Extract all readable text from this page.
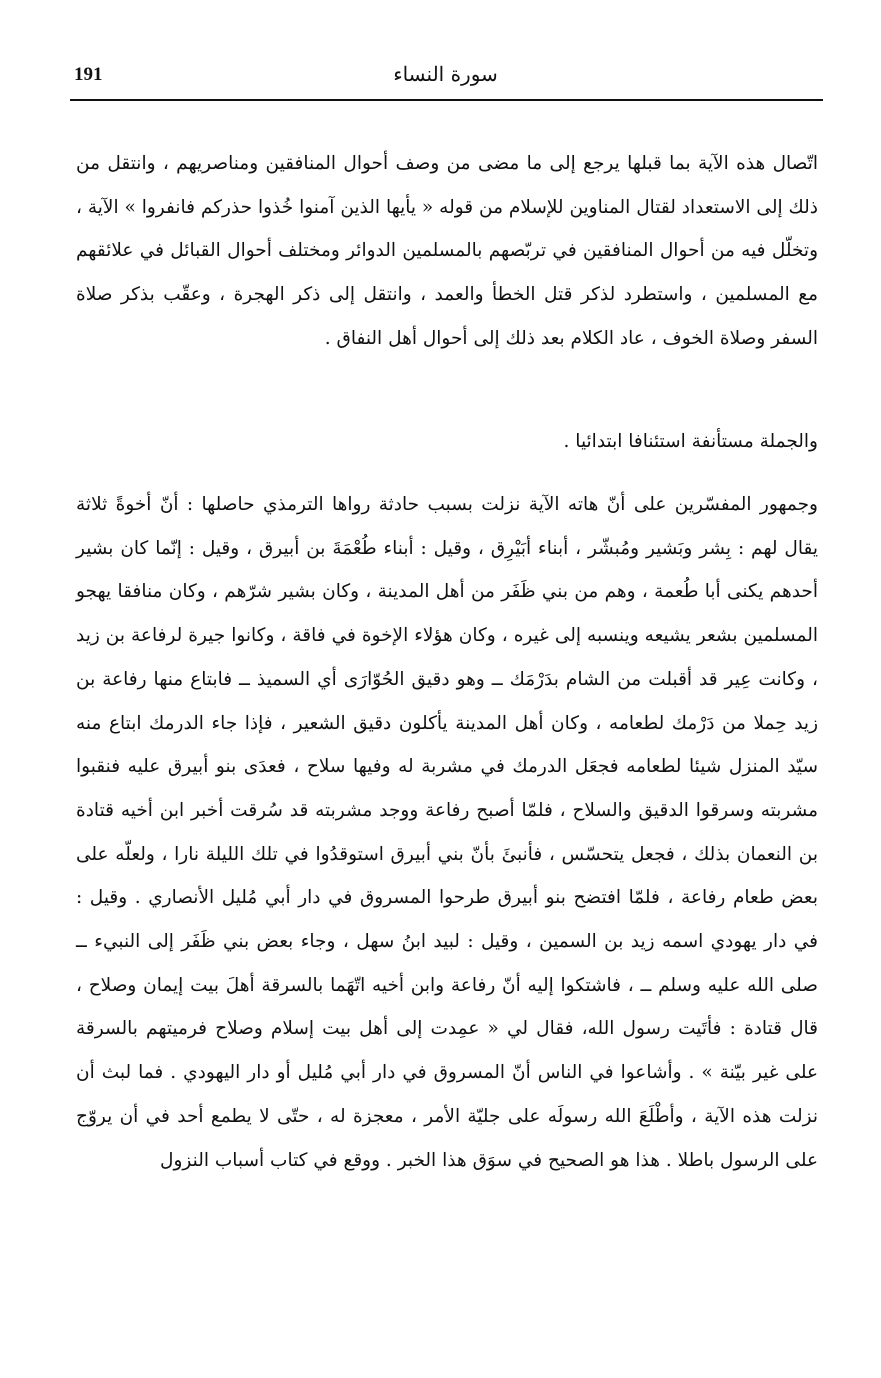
191	سورة النساء

اتّصال هذه الآية بما قبلها يرجع إلى ما مضى من وصف أحوال المنافقين ومناصريهم ، وانتقل من ذلك إلى الاستعداد لقتال المناوين للإسلام من قوله « يأيها الذين آمنوا خُذوا حذركم فانفروا » الآية ، وتخلّل فيه من أحوال المنافقين في تربّصهم بالمسلمين الدوائر ومختلف أحوال القبائل في علائقهم مع المسلمين ، واستطرد لذكر قتل الخطأ والعمد ، وانتقل إلى ذكر الهجرة ، وعقّب بذكر صلاة السفر وصلاة الخوف ، عاد الكلام بعد ذلك إلى أحوال أهل النفاق .

والجملة مستأنفة استئنافا ابتدائيا .

وجمهور المفسّرين على أنّ هاته الآية نزلت بسبب حادثة رواها الترمذي حاصلها : أنّ أخوةً ثلاثة يقال لهم : بِشر وبَشير ومُبشّر ، أبناء أبَيْرِق ، وقيل : أبناء طُعْمَةَ بن أبيرق ، وقيل : إنّما كان بشير أحدهم يكنى أبا طُعمة ، وهم من بني ظَفَر من أهل المدينة ، وكان بشير شرّهم ، وكان منافقا يهجو المسلمين بشعر يشيعه وينسبه إلى غيره ، وكان هؤلاء الإخوة في فاقة ، وكانوا جيرة لرفاعة بن زيد ، وكانت عِير قد أقبلت من الشام بدَرْمَك ــ وهو دقيق الحُوّارَى أي السميذ ــ فابتاع منها رفاعة بن زيد حِملا من دَرْمك لطعامه ، وكان أهل المدينة يأكلون دقيق الشعير ، فإذا جاء الدرمك ابتاع منه سيّد المنزل شيئا لطعامه فجعَل الدرمك في مشربة له وفيها سلاح ، فعدَى بنو أبيرق عليه فنقبوا مشربته وسرقوا الدقيق والسلاح ، فلمّا أصبح رفاعة ووجد مشربته قد سُرقت أخبر ابن أخيه قتادة بن النعمان بذلك ، فجعل يتحسّس ، فأنبئَ بأنّ بني أبيرق استوقدُوا في تلك الليلة نارا ، ولعلّه على بعض طعام رفاعة ، فلمّا افتضح بنو أبيرق طرحوا المسروق في دار أبي مُليل الأنصاري . وقيل : في دار يهودي اسمه زيد بن السمين ، وقيل : لبيد ابنُ سهل ، وجاء بعض بني ظَفَر إلى النبيء ــ صلى الله عليه وسلم ــ ، فاشتكوا إليه أنّ رفاعة وابن أخيه اتّهَما بالسرقة أهلَ بيت إيمان وصلاح ، قال قتادة : فأتَيت رسول الله، فقال لي « عمِدت إلى أهل بيت إسلام وصلاح فرميتهم بالسرقة على غير بيّنة » . وأشاعوا في الناس أنّ المسروق في دار أبي مُليل أو دار اليهودي . فما لبث أن نزلت هذه الآية ، وأطْلَعَ الله رسولَه على جليّة الأمر ، معجزة له ، حتّى لا يطمع أحد في أن يروّج على الرسول باطلا . هذا هو الصحيح في سوَق هذا الخبر . ووقع في كتاب أسباب النزول
